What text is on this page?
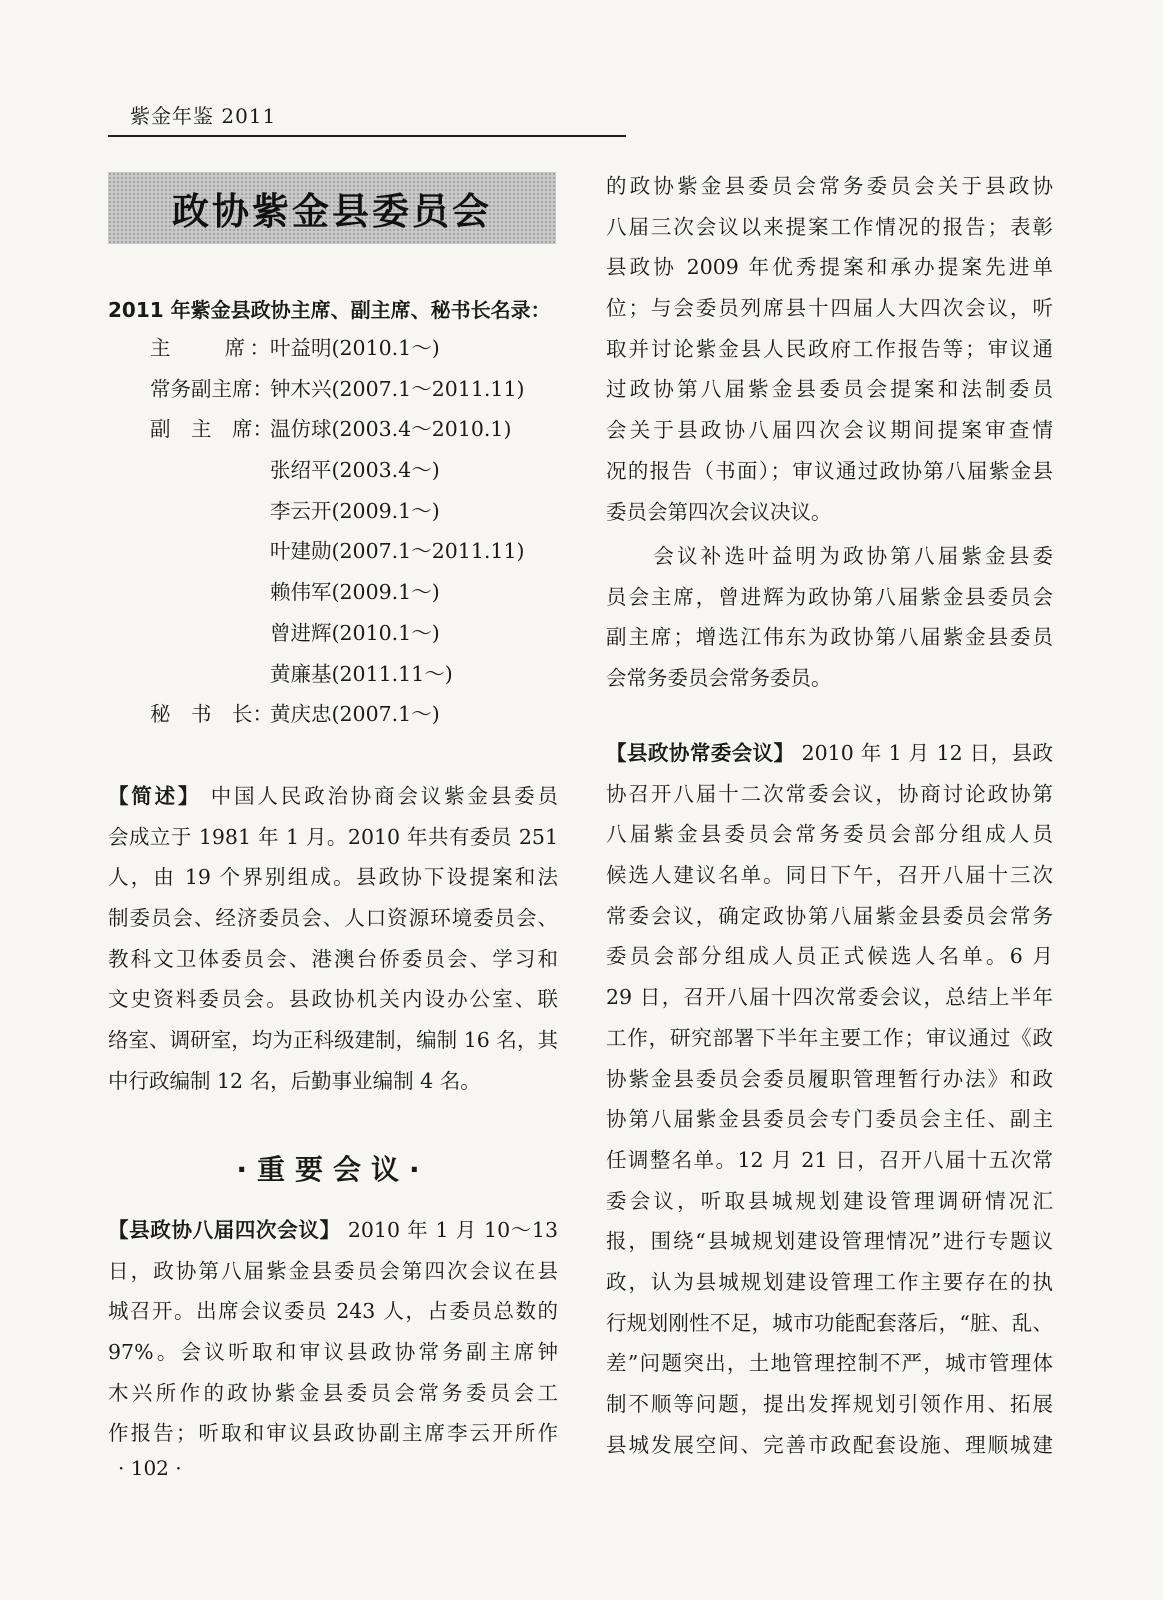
紫金年鉴 2011
政协紫金县委员会
2011 年紫金县政协主席、副主席、秘书长名录：
主　　席： 叶益明(2010.1～)
常务副主席：
钟木兴(2007.1～2011.11)
副　主　席：
温仿球(2003.4～2010.1)
张绍平(2003.4～)
李云开(2009.1～)
叶建勋(2007.1～2011.11)
赖伟军(2009.1～)
曾进辉(2010.1～)
黄廉基(2011.11～)
秘　书　长：
黄庆忠(2007.1～)
【简述】 中国人民政治协商会议紫金县委员
会成立于 1981 年 1 月。2010 年共有委员 251
人，由 19 个界别组成。县政协下设提案和法
制委员会、经济委员会、人口资源环境委员会、
教科文卫体委员会、港澳台侨委员会、学习和
文史资料委员会。县政协机关内设办公室、联
络室、调研室，均为正科级建制，编制 16 名，其
中行政编制 12 名，后勤事业编制 4 名。
·重要会议·
【县政协八届四次会议】 2010 年 1 月 10～13
日，政协第八届紫金县委员会第四次会议在县
城召开。出席会议委员 243 人，占委员总数的
97%。会议听取和审议县政协常务副主席钟
木兴所作的政协紫金县委员会常务委员会工
作报告；听取和审议县政协副主席李云开所作
· 102 ·
的政协紫金县委员会常务委员会关于县政协
八届三次会议以来提案工作情况的报告；表彰
县政协 2009 年优秀提案和承办提案先进单
位；与会委员列席县十四届人大四次会议，听
取并讨论紫金县人民政府工作报告等；审议通
过政协第八届紫金县委员会提案和法制委员
会关于县政协八届四次会议期间提案审查情
况的报告（书面）；审议通过政协第八届紫金县
委员会第四次会议决议。
　　会议补选叶益明为政协第八届紫金县委
员会主席，曾进辉为政协第八届紫金县委员会
副主席；增选江伟东为政协第八届紫金县委员
会常务委员会常务委员。
【县政协常委会议】 2010 年 1 月 12 日，县政
协召开八届十二次常委会议，协商讨论政协第
八届紫金县委员会常务委员会部分组成人员
候选人建议名单。同日下午，召开八届十三次
常委会议，确定政协第八届紫金县委员会常务
委员会部分组成人员正式候选人名单。6 月
29 日，召开八届十四次常委会议，总结上半年
工作，研究部署下半年主要工作；审议通过《政
协紫金县委员会委员履职管理暂行办法》和政
协第八届紫金县委员会专门委员会主任、副主
任调整名单。12 月 21 日，召开八届十五次常
委会议，听取县城规划建设管理调研情况汇
报，围绕“县城规划建设管理情况”进行专题议
政，认为县城规划建设管理工作主要存在的执
行规划刚性不足，城市功能配套落后，“脏、乱、
差”问题突出，土地管理控制不严，城市管理体
制不顺等问题，提出发挥规划引领作用、拓展
县城发展空间、完善市政配套设施、理顺城建
